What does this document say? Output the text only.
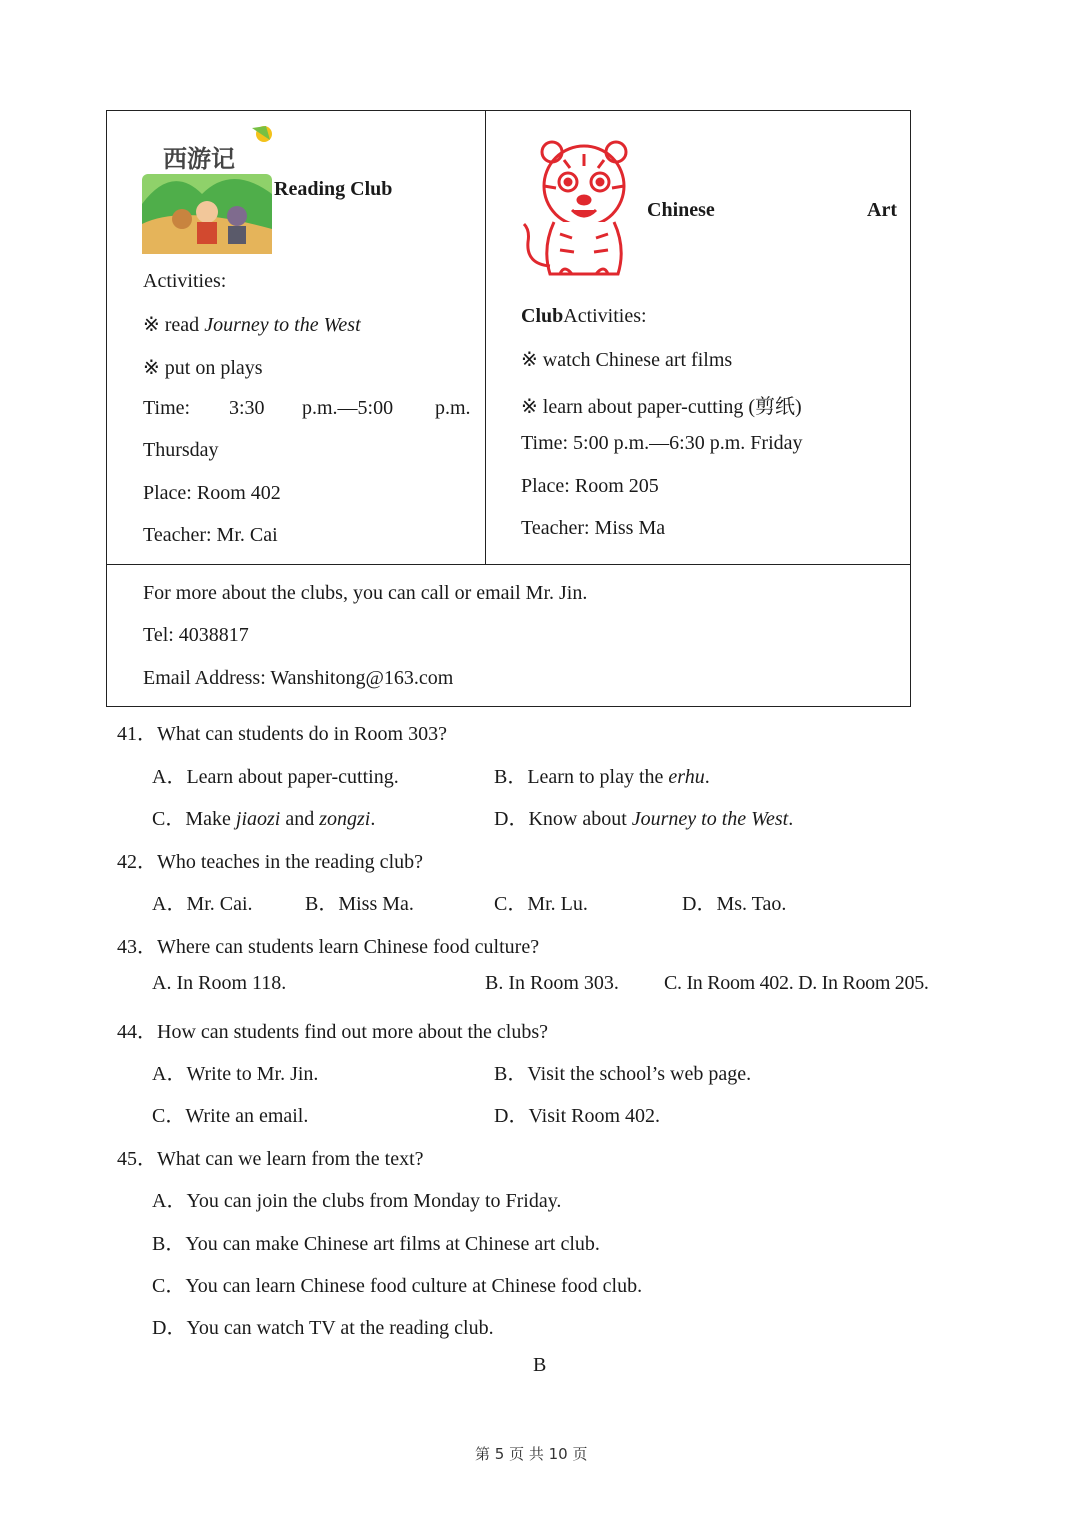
西游记
Reading Club
Activities:
※ read Journey to the West
※ put on plays
Time: 3:30 p.m.—5:00 p.m.
Thursday
Place: Room 402
Teacher: Mr. Cai
Chinese	Art
ClubActivities:
※ watch Chinese art films
※ learn about paper-cutting (剪纸)
Time: 5:00 p.m.—6:30 p.m. Friday
Place: Room 205
Teacher: Miss Ma
For more about the clubs, you can call or email Mr. Jin.
Tel: 4038817
Email Address: Wanshitong@163.com
41．What can students do in Room 303?
A．Learn about paper-cutting.	B．Learn to play the erhu.
C．Make jiaozi and zongzi.	D．Know about Journey to the West.
42．Who teaches in the reading club?
A．Mr. Cai.	B．Miss Ma.	C．Mr. Lu.	D．Ms. Tao.
43．Where can students learn Chinese food culture?
A. In Room 118.	B. In Room 303. C. In Room 402. D. In Room 205.
44．How can students find out more about the clubs?
A．Write to Mr. Jin.	B．Visit the school’s web page.
C．Write an email.	D．Visit Room 402.
45．What can we learn from the text?
A．You can join the clubs from Monday to Friday.
B．You can make Chinese art films at Chinese art club.
C．You can learn Chinese food culture at Chinese food club.
D．You can watch TV at the reading club.
B
第 5 页 共 10 页
